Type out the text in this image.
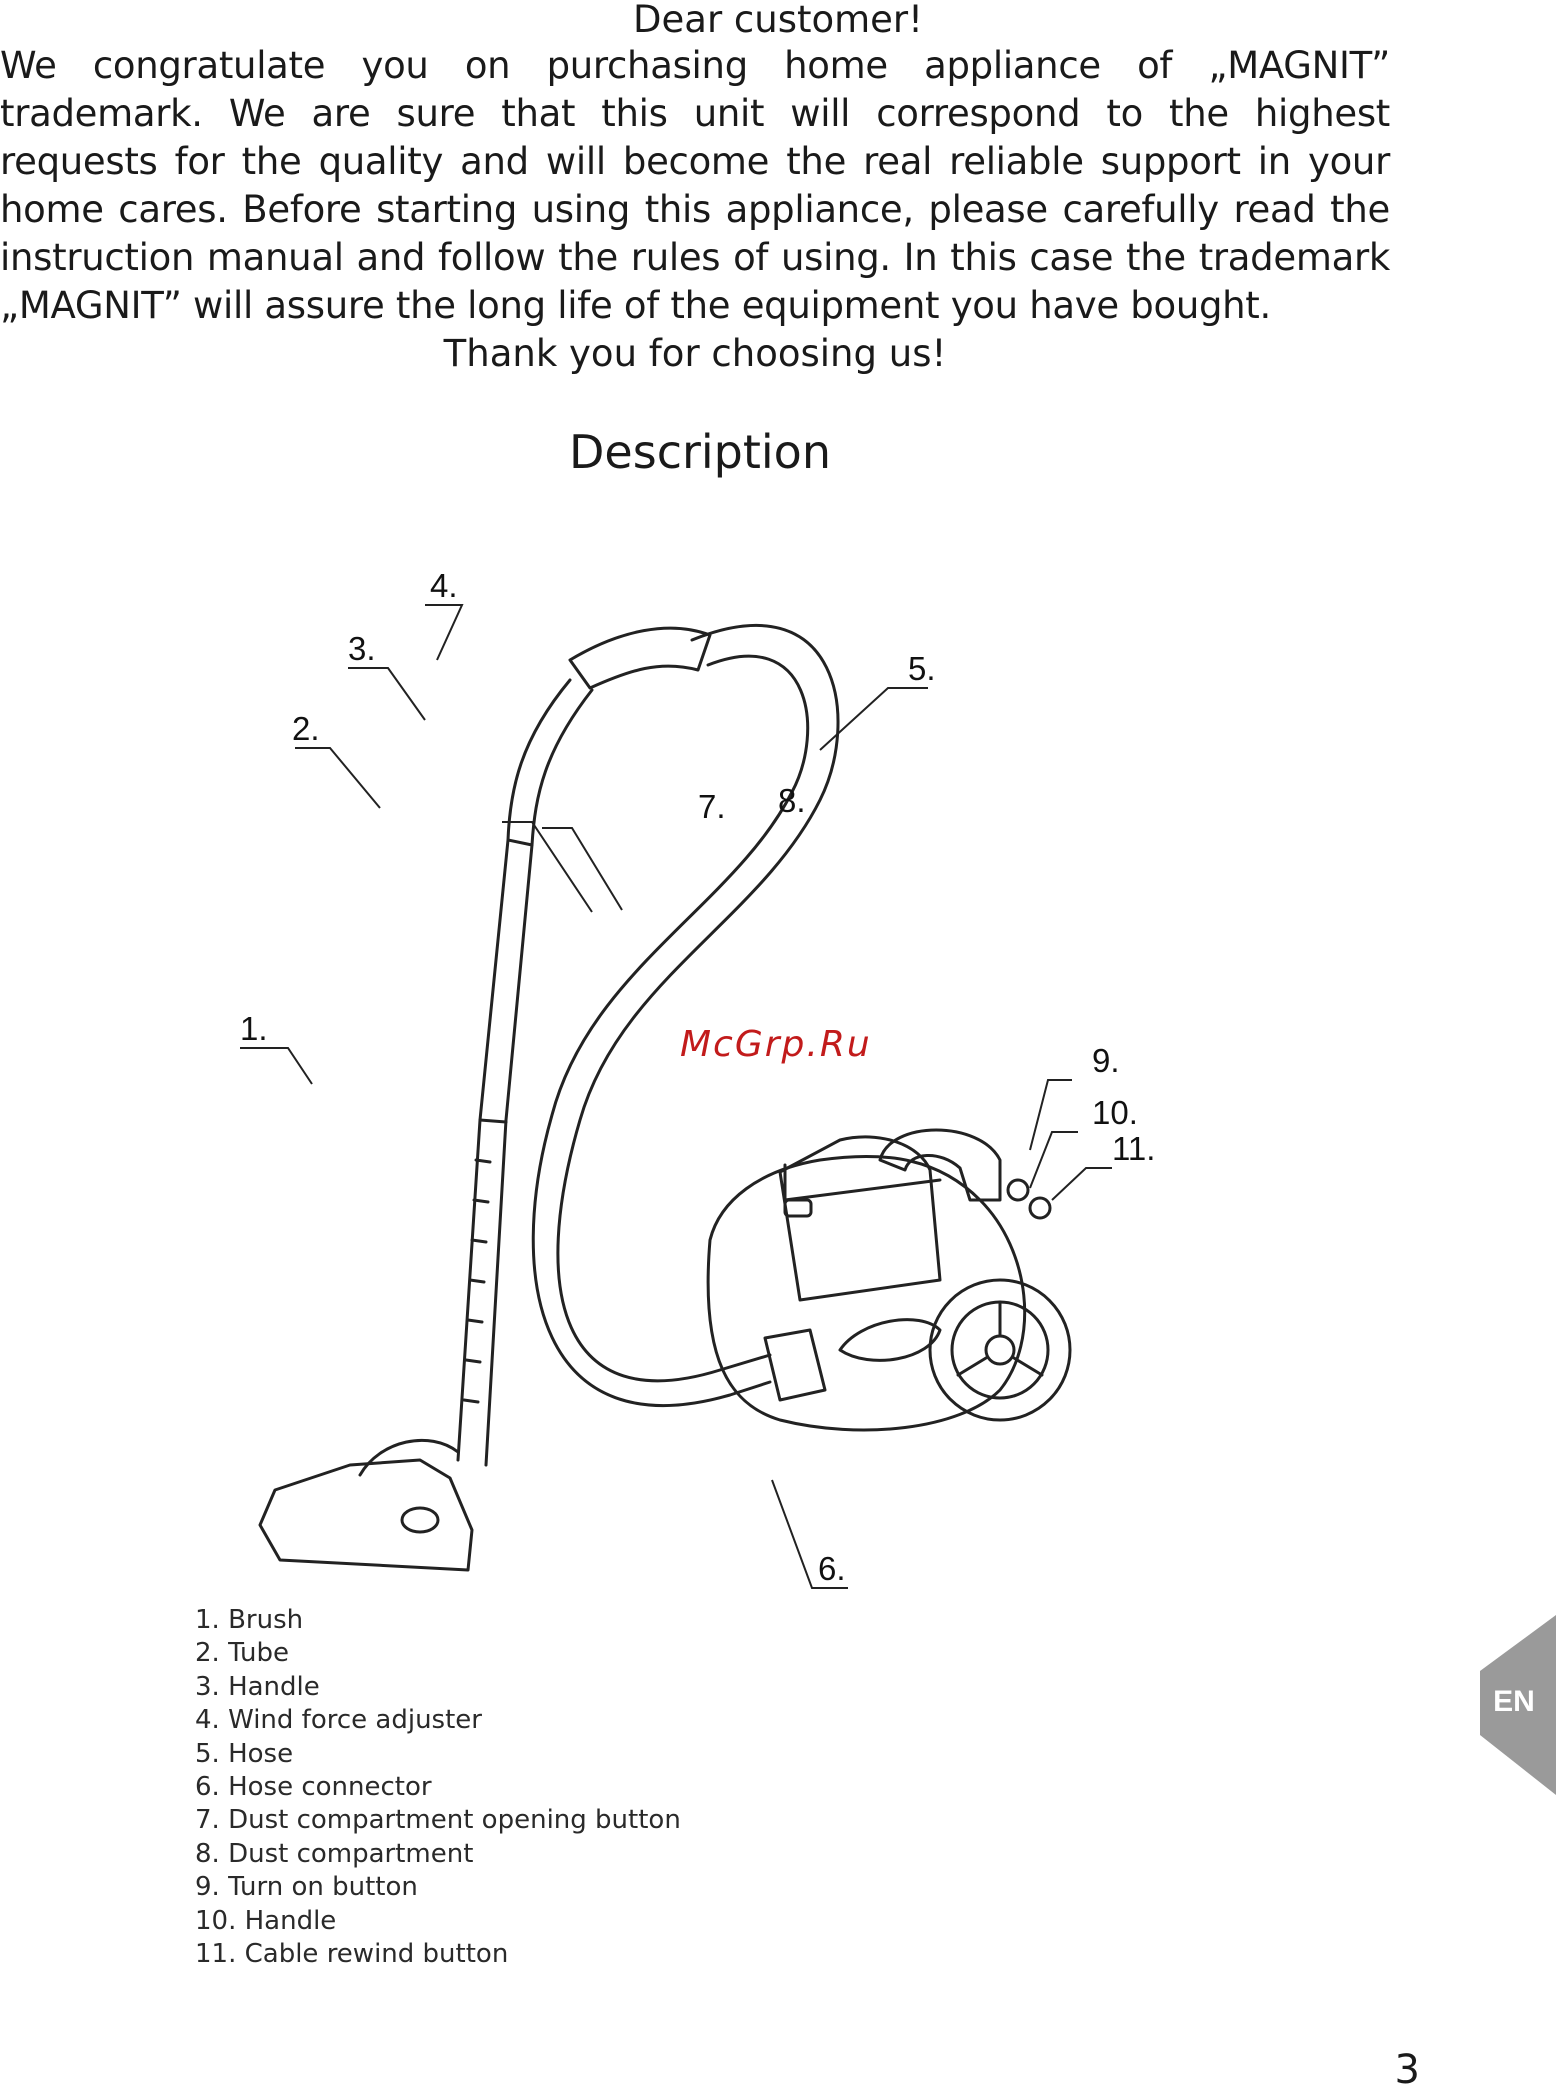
Dear customer!

We congratulate you on purchasing home appliance of „MAGNIT” trademark. We are sure that this unit will correspond to the highest requests for the quality and will become the real reliable support in your home cares. Before starting using this appliance, please carefully read the instruction manual and follow the rules of using. In this case the trademark „MAGNIT” will assure the long life of the equipment you have bought.

Thank you for choosing us!

Description
1.
2.
3.
4.
5.
6.
7. 8.
9.
10.
11.
McGrp.Ru
1. Brush
2. Tube
3. Handle
4. Wind force adjuster
5. Hose
6. Hose connector
7. Dust compartment opening button
8. Dust compartment
9. Turn on button
10. Handle
11. Cable rewind button
EN

3
